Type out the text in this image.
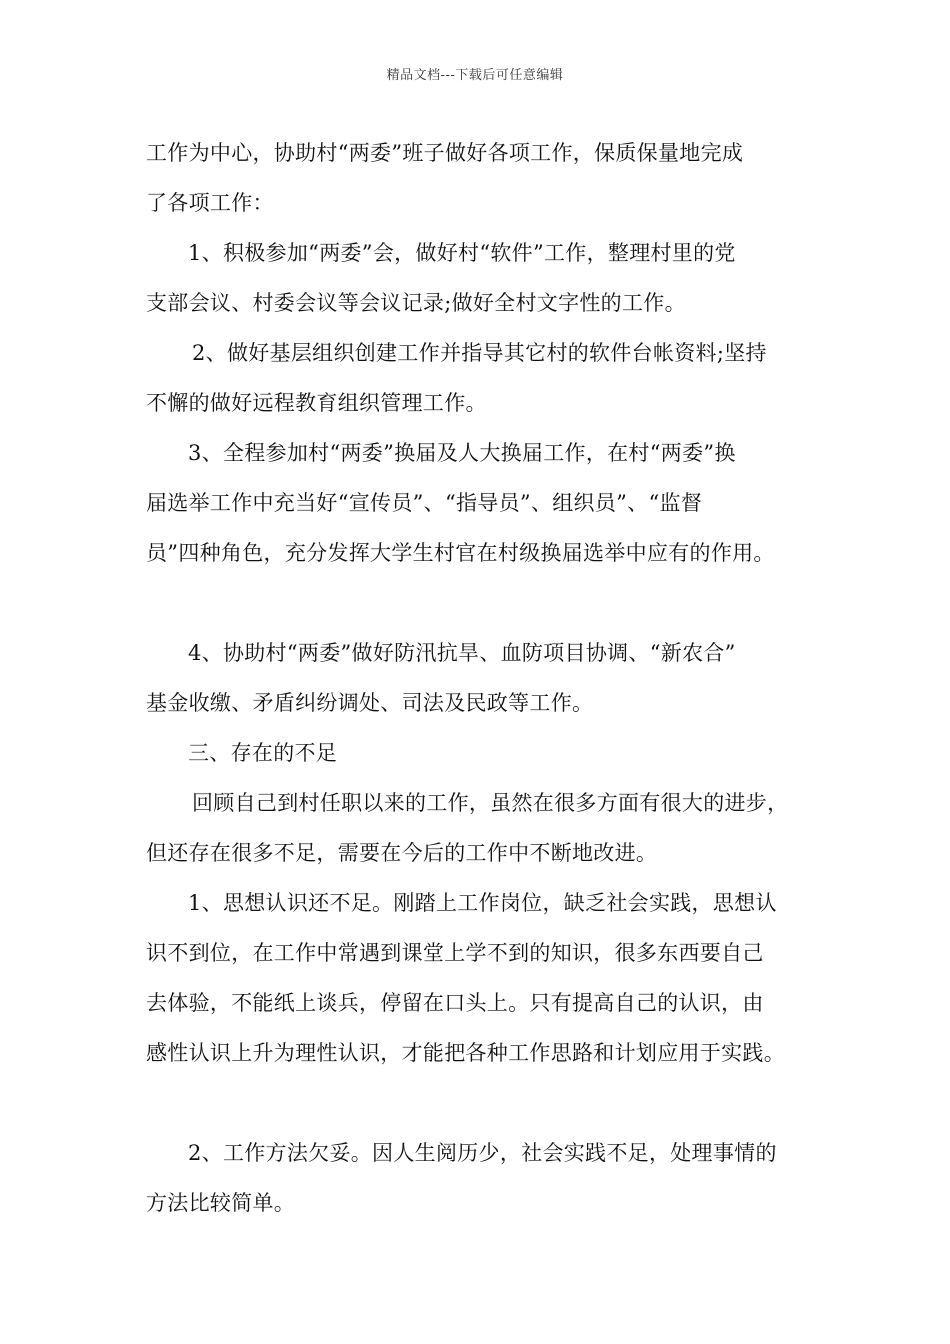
精品文档---下载后可任意编辑
工作为中心，协助村“两委”班子做好各项工作，保质保量地完成
了各项工作：
1、积极参加“两委”会，做好村“软件”工作，整理村里的党
支部会议、村委会议等会议记录;做好全村文字性的工作。
2、做好基层组织创建工作并指导其它村的软件台帐资料;坚持
不懈的做好远程教育组织管理工作。
3、全程参加村“两委”换届及人大换届工作，在村“两委”换
届选举工作中充当好“宣传员”、“指导员”、组织员”、“监督
员”四种角色，充分发挥大学生村官在村级换届选举中应有的作用。
4、协助村“两委”做好防汛抗旱、血防项目协调、“新农合”
基金收缴、矛盾纠纷调处、司法及民政等工作。
三、存在的不足
回顾自己到村任职以来的工作，虽然在很多方面有很大的进步，
但还存在很多不足，需要在今后的工作中不断地改进。
1、思想认识还不足。刚踏上工作岗位，缺乏社会实践，思想认
识不到位，在工作中常遇到课堂上学不到的知识，很多东西要自己
去体验，不能纸上谈兵，停留在口头上。只有提高自己的认识，由
感性认识上升为理性认识，才能把各种工作思路和计划应用于实践。
2、工作方法欠妥。因人生阅历少，社会实践不足，处理事情的
方法比较简单。
